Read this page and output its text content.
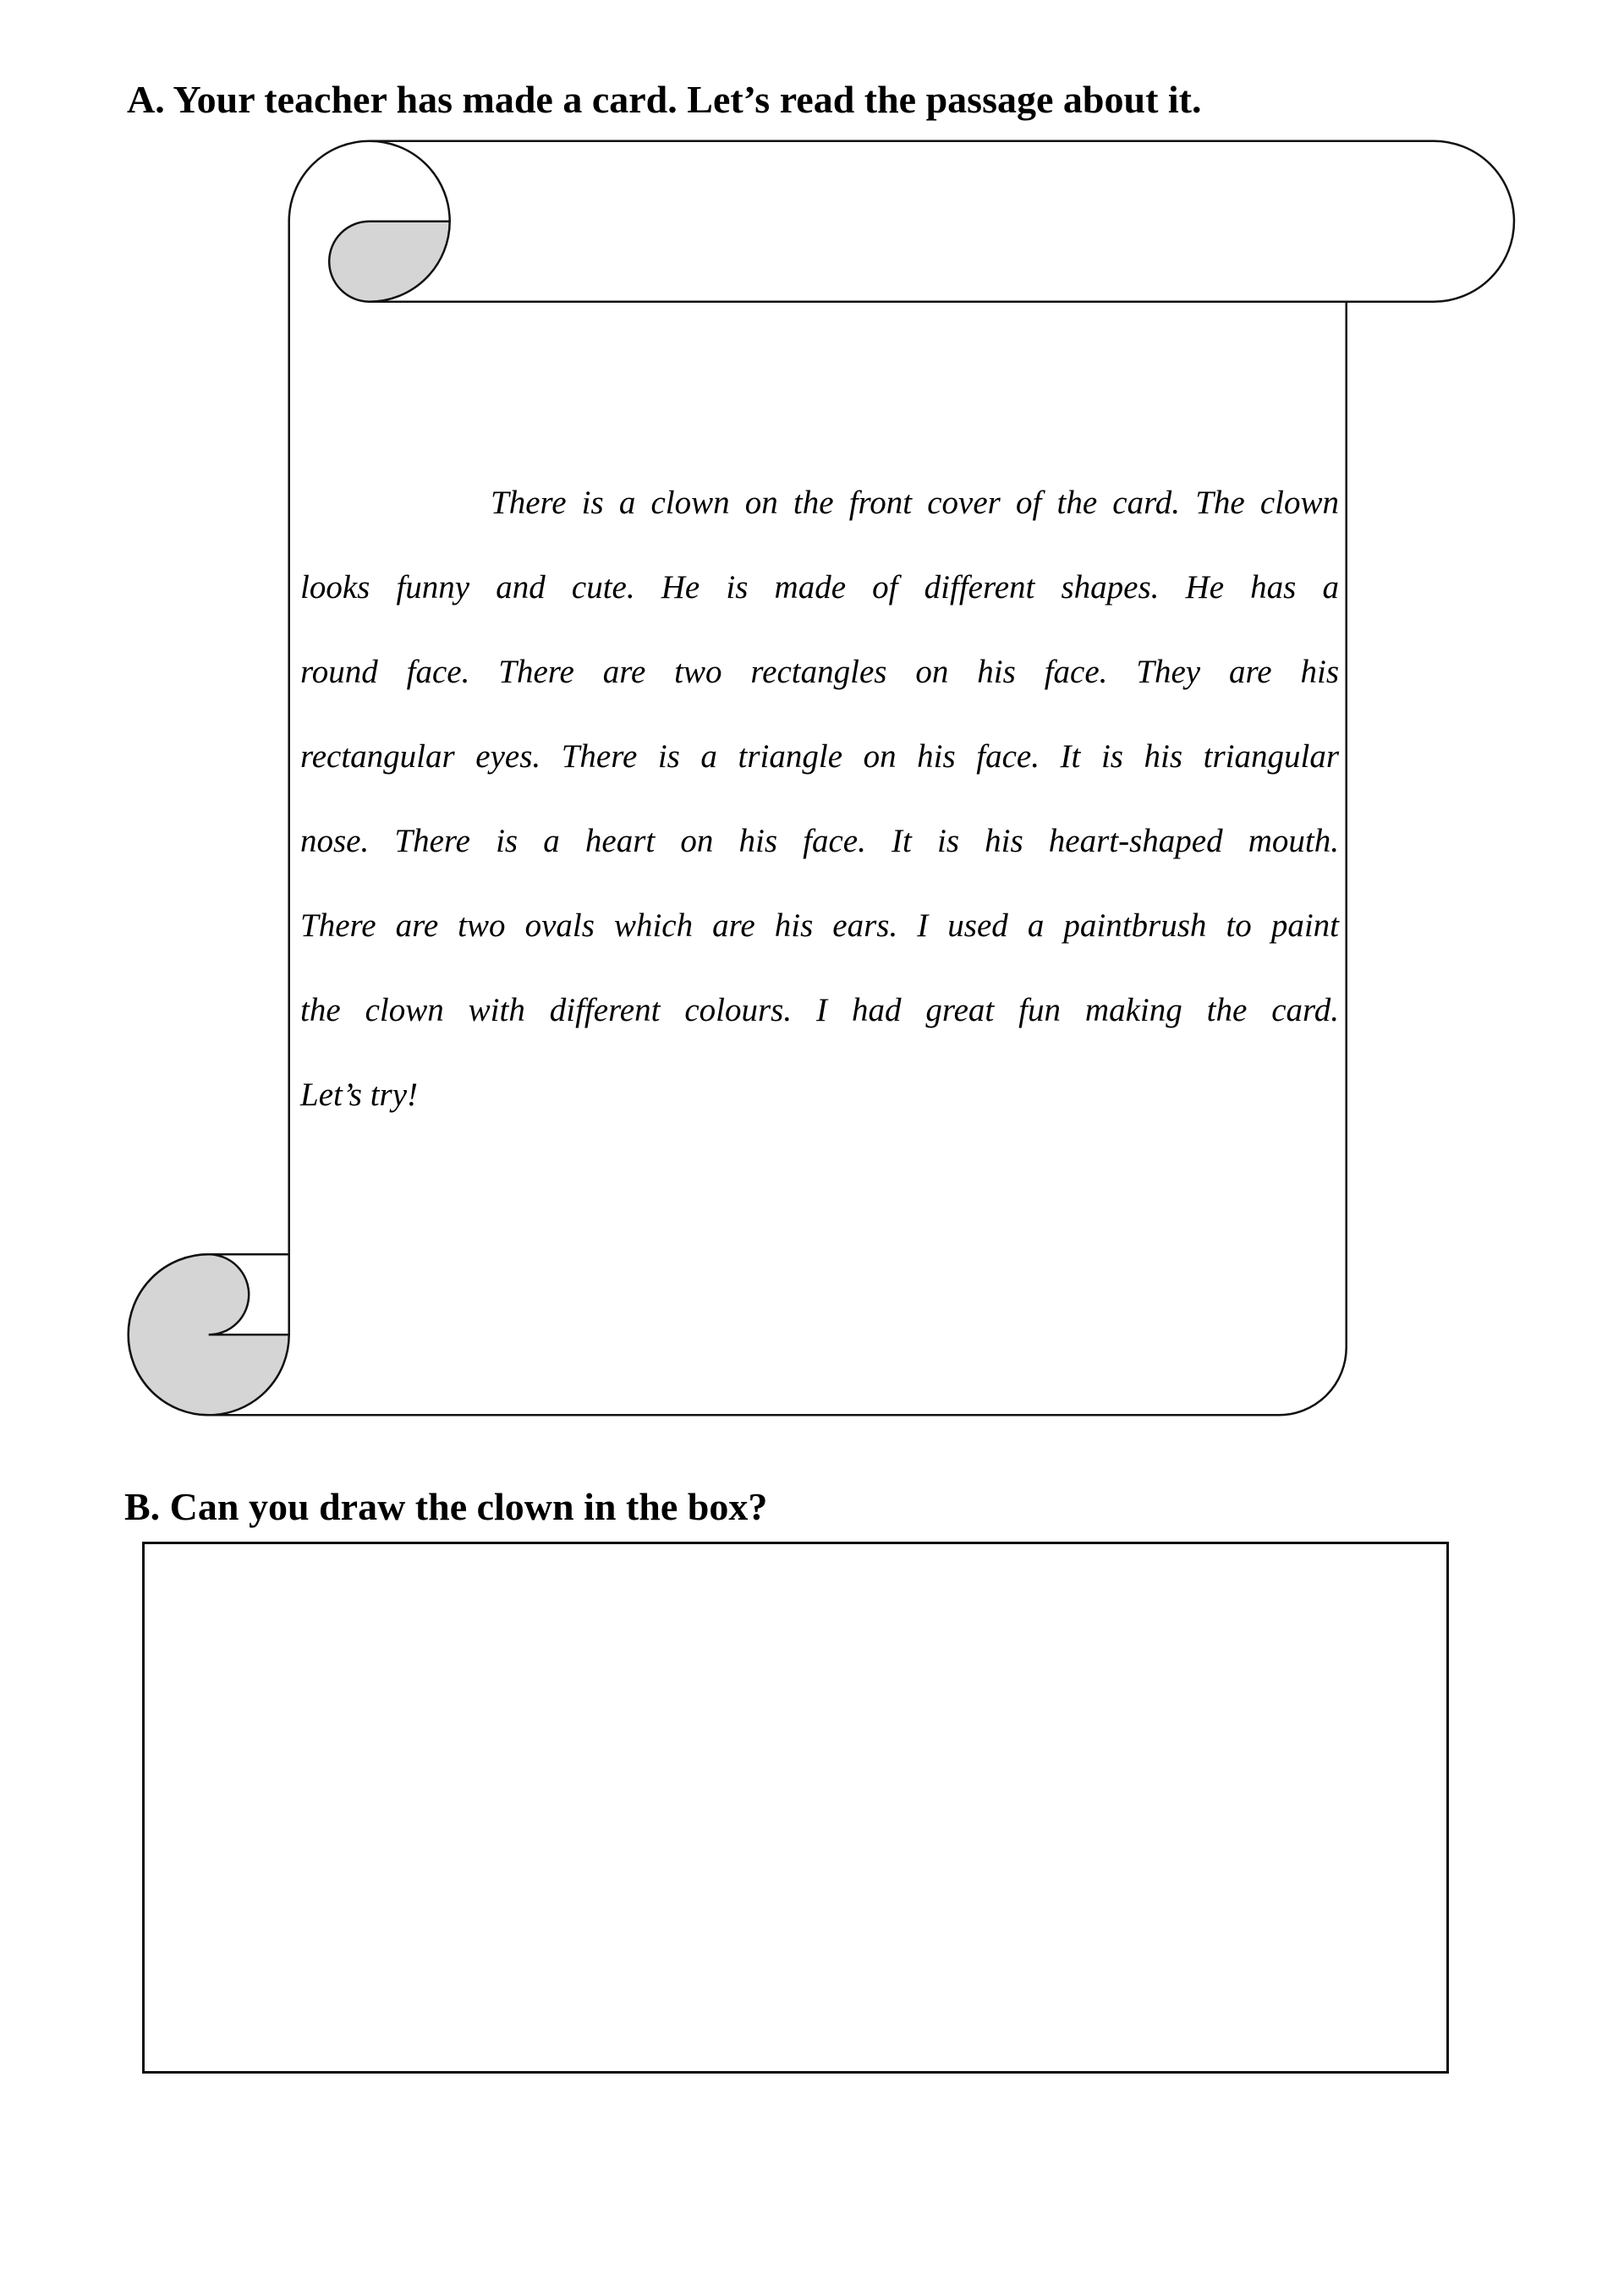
A. Your teacher has made a card. Let’s read the passage about it.
There is a clown on the front cover of the card. The clown
looks funny and cute. He is made of different shapes. He has a
round face. There are two rectangles on his face. They are his
rectangular eyes. There is a triangle on his face. It is his triangular
nose. There is a heart on his face. It is his heart-shaped mouth.
There are two ovals which are his ears. I used a paintbrush to paint
the clown with different colours. I had great fun making the card.
Let’s try!
B. Can you draw the clown in the box?
